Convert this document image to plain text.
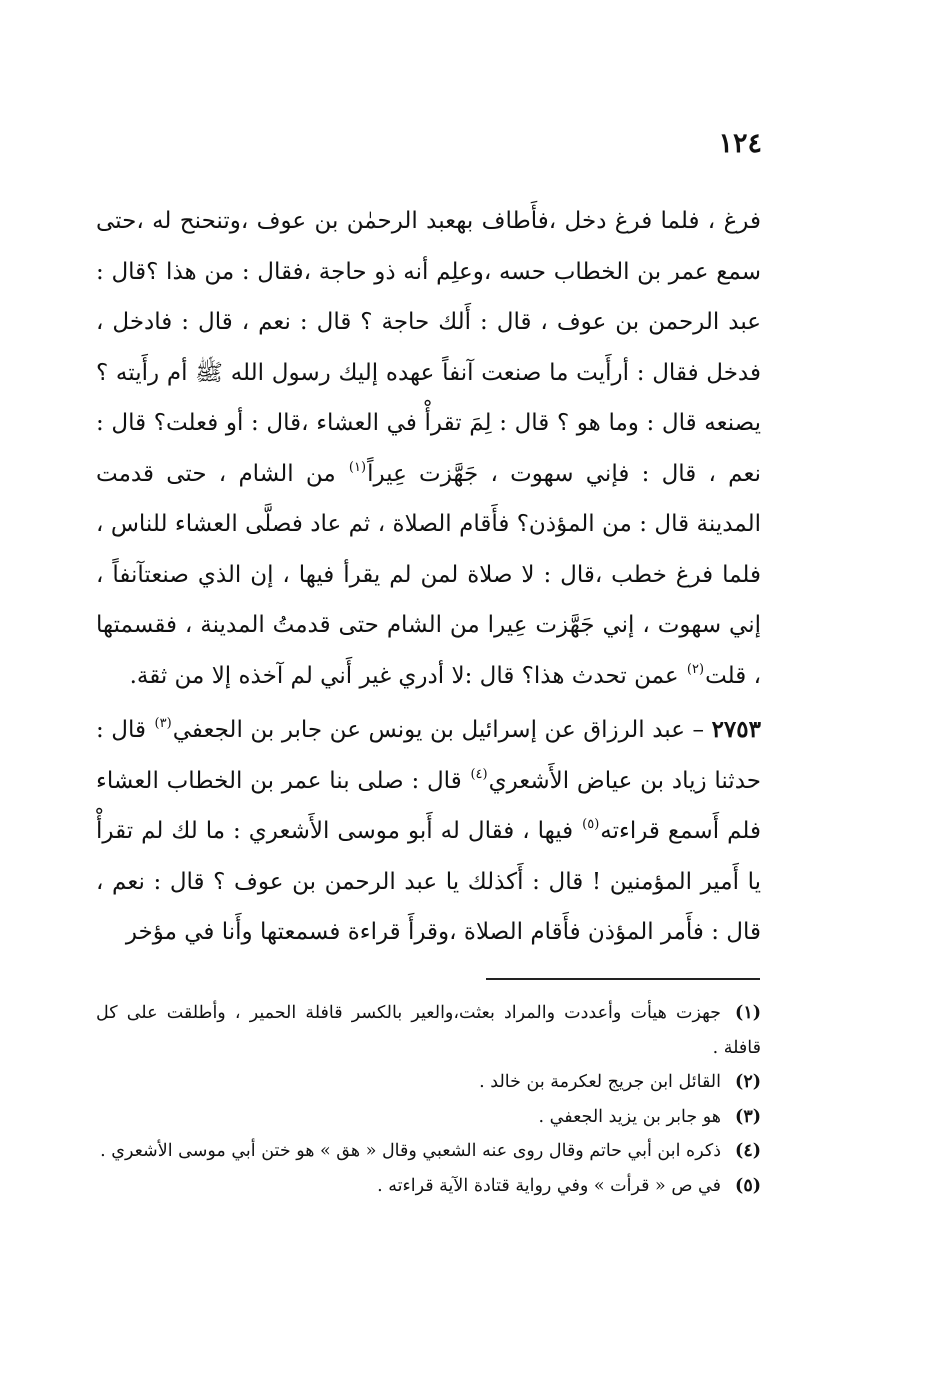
١٢٤

فرغ ، فلما فرغ دخل ،فأَطاف بهعبد الرحمٰن بن عوف ،وتنحنح له ،حتى سمع عمر بن الخطاب حسه ،وعلِم أنه ذو حاجة ،فقال : من هذا ؟قال : عبد الرحمن بن عوف ، قال : أَلك حاجة ؟ قال : نعم ، قال : فادخل ، فدخل فقال : أرأَيت ما صنعت آنفاً عهده إليك رسول الله ﷺ أم رأَيته ؟يصنعه قال : وما هو ؟ قال : لِمَ تقرأْ في العشاء ،قال : أو فعلت؟ قال : نعم ، قال : فإني سهوت ، جَهَّزت عِيراً$^{(١)}$ من الشام ، حتى قدمت المدينة قال : من المؤذن؟ فأَقام الصلاة ، ثم عاد فصلَّى العشاء للناس ، فلما فرغ خطب ،قال : لا صلاة لمن لم يقرأ فيها ، إن الذي صنعتآنفاً ، إني سهوت ، إني جَهَّزت عِيرا من الشام حتى قدمتُ المدينة ، فقسمتها ، قلت$^{(٢)}$ عمن تحدث هذا؟ قال :لا أدري غير أَني لم آخذه إلا من ثقة.

٢٧٥٣ – عبد الرزاق عن إسرائيل بن يونس عن جابر بن الجعفي$^{(٣)}$ قال : حدثنا زياد بن عياض الأَشعري$^{(٤)}$ قال : صلى بنا عمر بن الخطاب العشاء فلم أَسمع قراءته$^{(٥)}$ فيها ، فقال له أَبو موسى الأَشعري : ما لك لم تقرأْ يا أَمير المؤمنين ! قال : أَكذلك يا عبد الرحمن بن عوف ؟ قال : نعم ، قال : فأَمر المؤذن فأَقام الصلاة ،وقرأَ قراءة فسمعتها وأَنا في مؤخر

(١)جهزت هيأت وأعددت والمراد بعثت،والعير بالكسر قافلة الحمير ، وأطلقت على كل قافلة .

(٢)القائل ابن جريج لعكرمة بن خالد .

(٣)هو جابر بن يزيد الجعفي .

(٤)ذكره ابن أبي حاتم وقال روى عنه الشعبي وقال « هق » هو ختن أبي موسى الأشعري .

(٥)في ص « قرأت » وفي رواية قتادة الآية قراءته .
